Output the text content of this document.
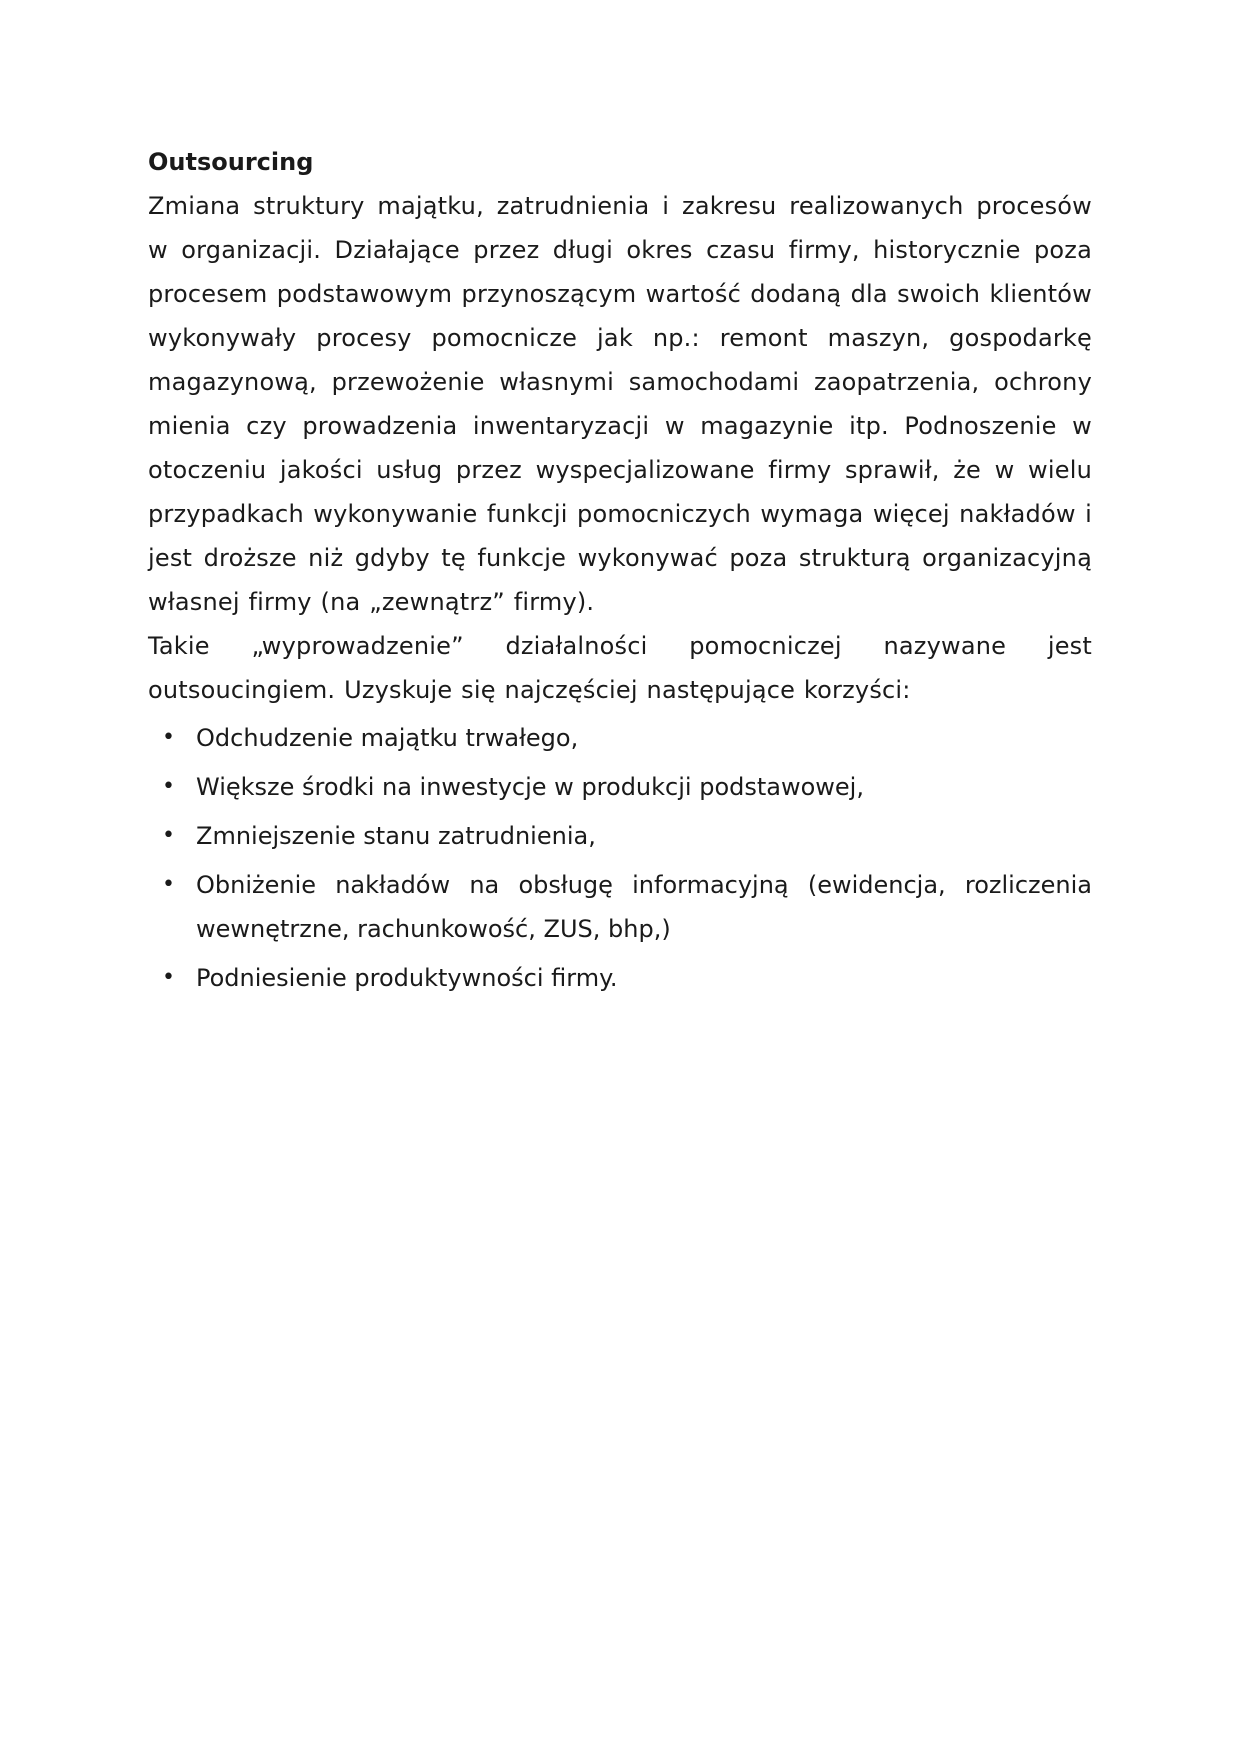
Outsourcing

Zmiana struktury majątku, zatrudnienia i zakresu realizowanych procesów w organizacji. Działające przez długi okres czasu firmy, historycznie poza procesem podstawowym przynoszącym wartość dodaną dla swoich klientów wykonywały procesy pomocnicze jak np.: remont maszyn, gospodarkę magazynową, przewożenie własnymi samochodami zaopatrzenia, ochrony mienia czy prowadzenia inwentaryzacji w magazynie itp. Podnoszenie w otoczeniu jakości usług przez wyspecjalizowane firmy sprawił, że w wielu przypadkach wykonywanie funkcji pomocniczych wymaga więcej nakładów i jest droższe niż gdyby tę funkcje wykonywać poza strukturą organizacyjną własnej firmy (na „zewnątrz” firmy).

Takie „wyprowadzenie” działalności pomocniczej nazywane jest outsoucingiem. Uzyskuje się najczęściej następujące korzyści:

• Odchudzenie majątku trwałego,
• Większe środki na inwestycje w produkcji podstawowej,
• Zmniejszenie stanu zatrudnienia,
• Obniżenie nakładów na obsługę informacyjną (ewidencja, rozliczenia wewnętrzne, rachunkowość, ZUS, bhp,)
• Podniesienie produktywności firmy.
